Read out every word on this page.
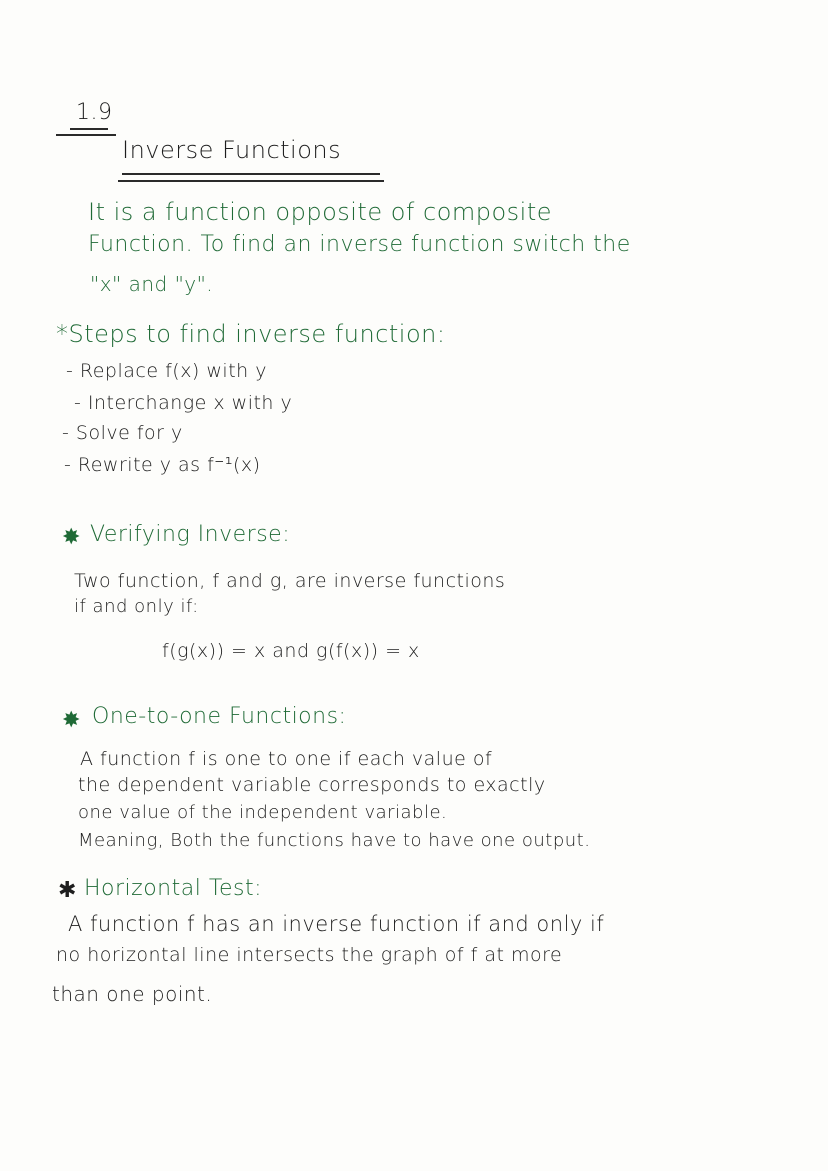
1.9
Inverse Functions
It is a function opposite of composite
Function. To find an inverse function switch the
"x" and "y".
*Steps to find inverse function:
- Replace f(x) with y
- Interchange x with y
- Solve for y
- Rewrite y as f⁻¹(x)
✸ Verifying Inverse:
Two function, f and g, are inverse functions
if and only if:
f(g(x)) = x and g(f(x)) = x
✸ One-to-one Functions:
A function f is one to one if each value of
the dependent variable corresponds to exactly
one value of the independent variable.
Meaning, Both the functions have to have one output.
✱ Horizontal Test:
A function f has an inverse function if and only if
no horizontal line intersects the graph of f at more
than one point.
